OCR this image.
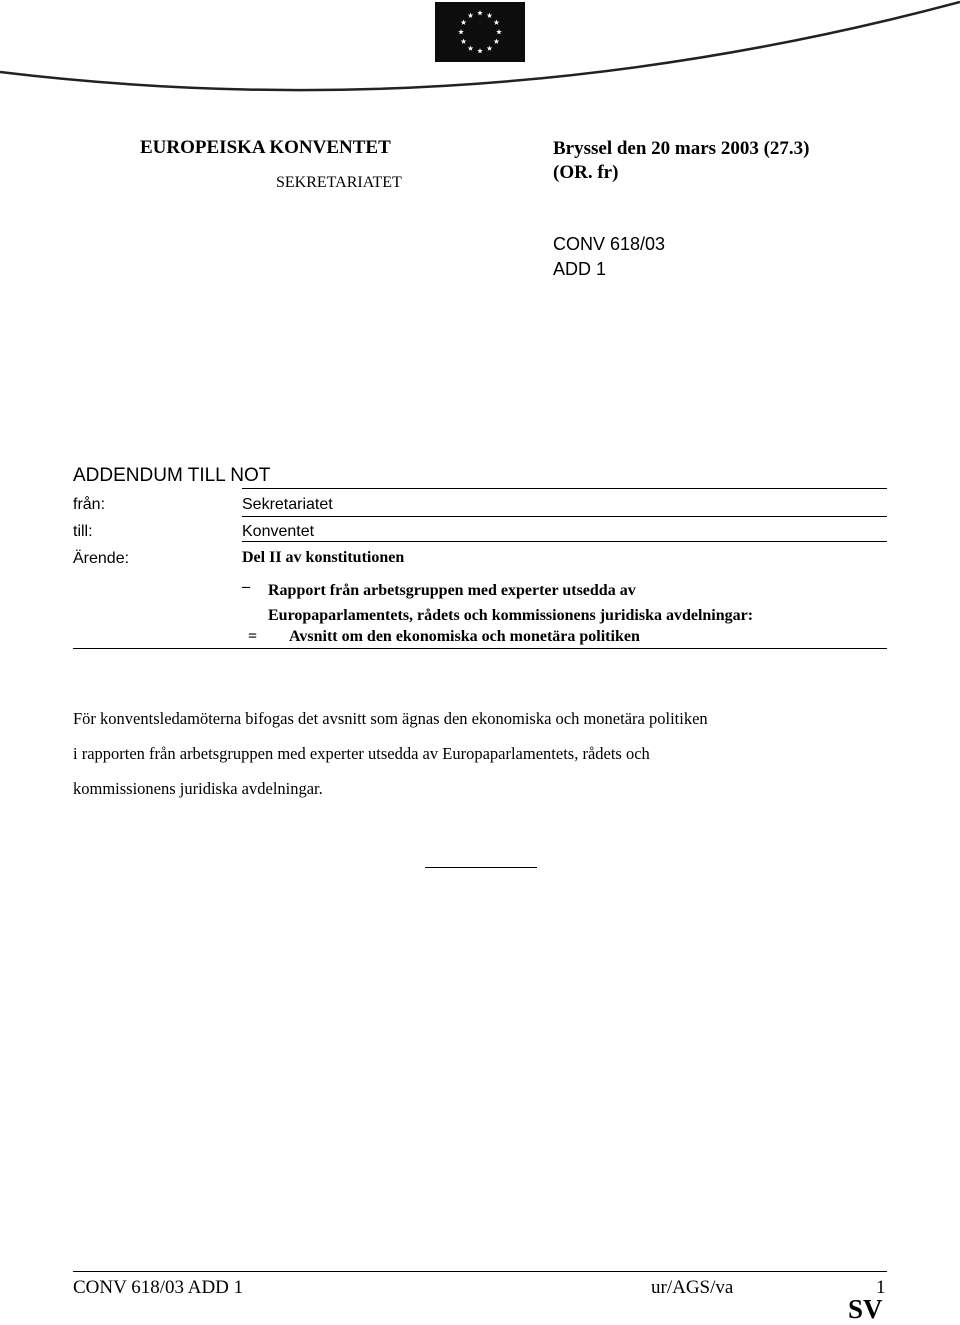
EUROPEISKA KONVENTET
SEKRETARIATET
Bryssel den 20 mars 2003 (27.3)
(OR. fr)
CONV 618/03
ADD 1
ADDENDUM TILL NOT
från:	Sekretariatet
till:	Konventet
Ärende:	Del II av konstitutionen
– Rapport från arbetsgruppen med experter utsedda av
Europaparlamentets, rådets och kommissionens juridiska avdelningar:
= Avsnitt om den ekonomiska och monetära politiken
För konventsledamöterna bifogas det avsnitt som ägnas den ekonomiska och monetära politiken
i rapporten från arbetsgruppen med experter utsedda av Europaparlamentets, rådets och
kommissionens juridiska avdelningar.
CONV 618/03 ADD 1	ur/AGS/va	1
SV
